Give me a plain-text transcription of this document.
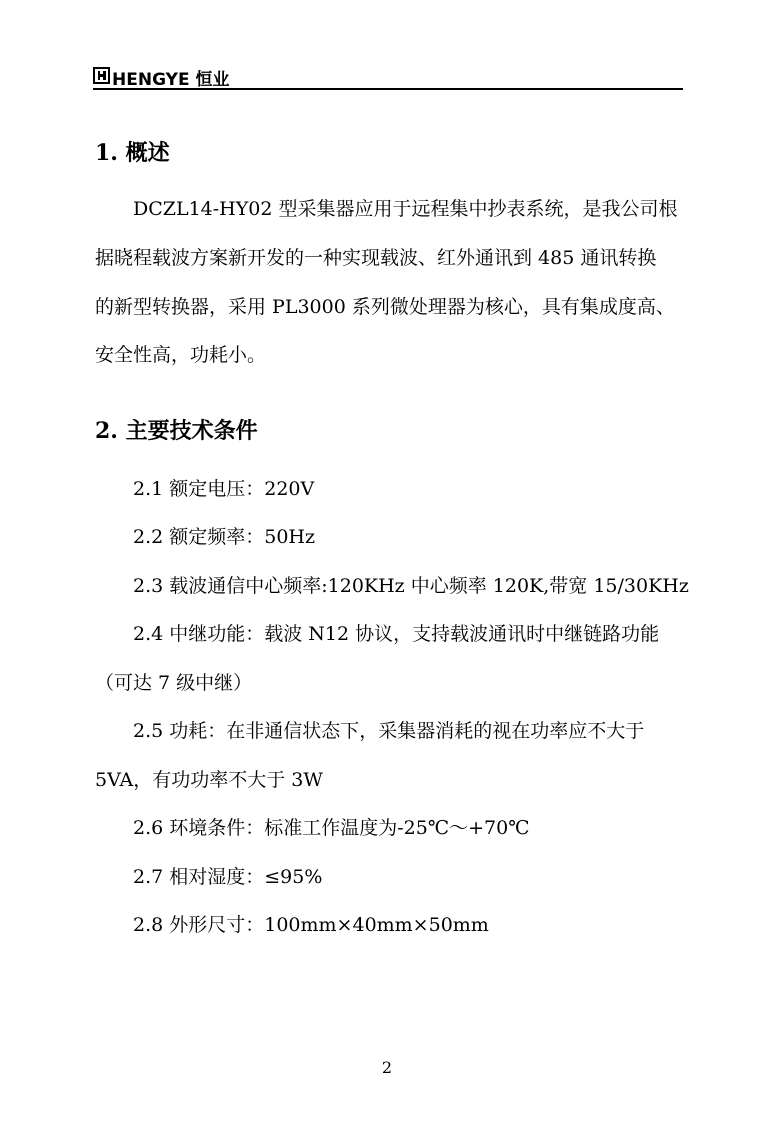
HENGYE 恒业
1. 概述
DCZL14-HY02 型采集器应用于远程集中抄表系统，是我公司根
据晓程载波方案新开发的一种实现载波、红外通讯到 485 通讯转换
的新型转换器，采用 PL3000 系列微处理器为核心，具有集成度高、
安全性高，功耗小。
2. 主要技术条件
2.1 额定电压：220V
2.2 额定频率：50Hz
2.3 载波通信中心频率:120KHz 中心频率 120K,带宽 15/30KHz
2.4 中继功能：载波 N12 协议，支持载波通讯时中继链路功能
（可达 7 级中继）
2.5 功耗：在非通信状态下，采集器消耗的视在功率应不大于
5VA，有功功率不大于 3W
2.6 环境条件：标准工作温度为-25℃～+70℃
2.7 相对湿度：≤95%
2.8 外形尺寸：100mm×40mm×50mm
2
